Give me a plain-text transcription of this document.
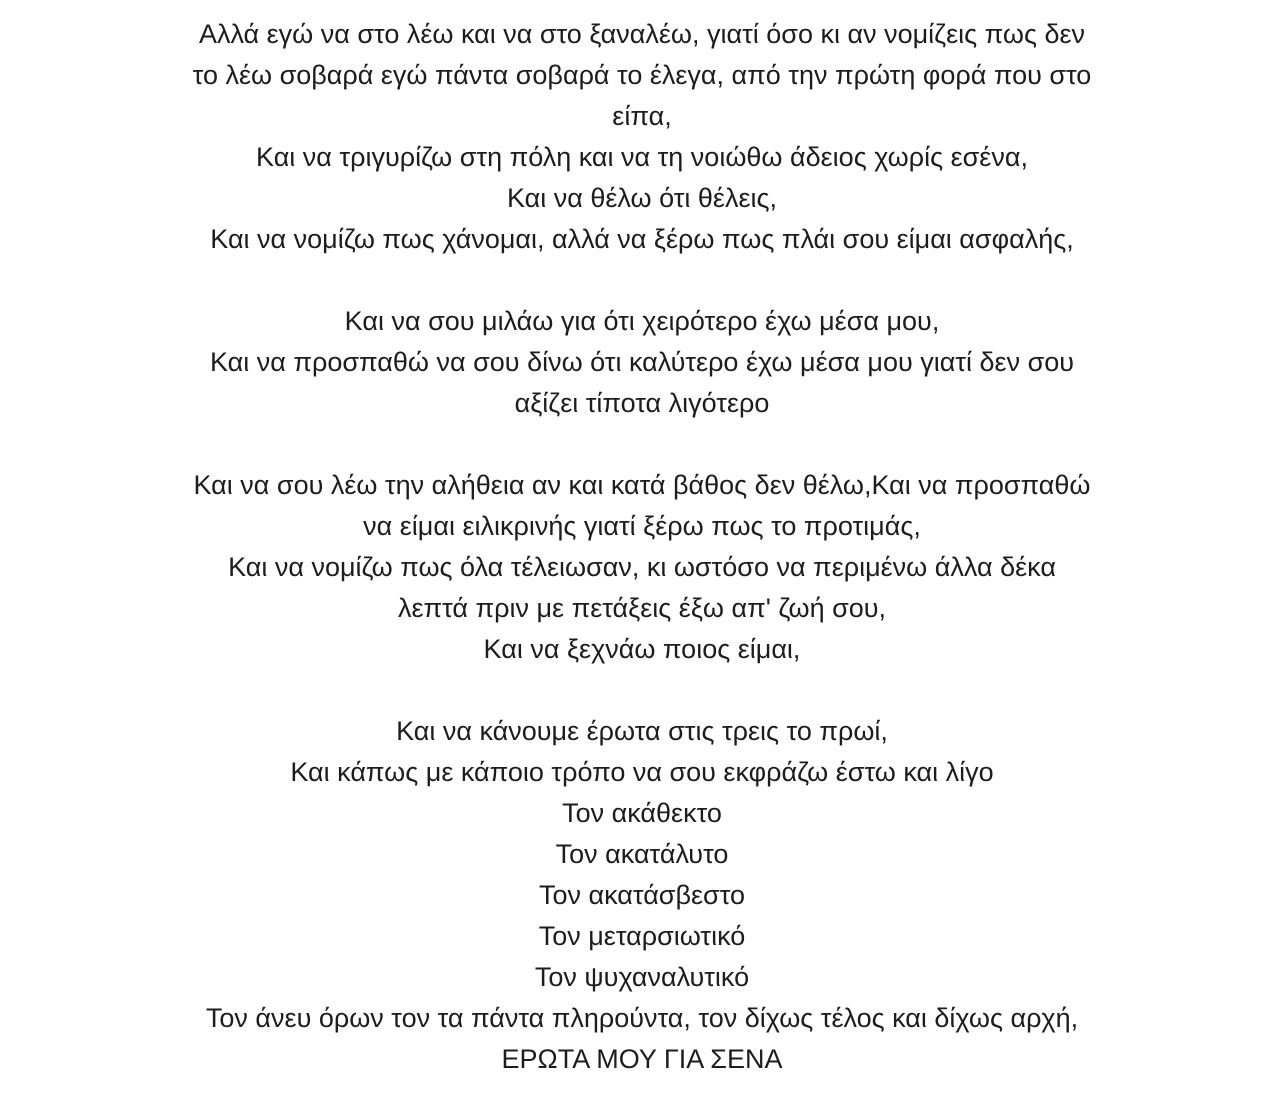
Αλλά εγώ να στο λέω και να στο ξαναλέω, γιατί όσο κι αν νομίζεις πως δεν
το λέω σοβαρά εγώ πάντα σοβαρά το έλεγα, από την πρώτη φορά που στο
είπα,
Και να τριγυρίζω στη πόλη και να τη νοιώθω άδειος χωρίς εσένα,
Και να θέλω ότι θέλεις,
Και να νομίζω πως χάνομαι, αλλά να ξέρω πως πλάι σου είμαι ασφαλής,
Και να σου μιλάω για ότι χειρότερο έχω μέσα μου,
Και να προσπαθώ να σου δίνω ότι καλύτερο έχω μέσα μου γιατί δεν σου
αξίζει τίποτα λιγότερο
Και να σου λέω την αλήθεια αν και κατά βάθος δεν θέλω,Και να προσπαθώ
να είμαι ειλικρινής γιατί ξέρω πως το προτιμάς,
Και να νομίζω πως όλα τέλειωσαν, κι ωστόσο να περιμένω άλλα δέκα
λεπτά πριν με πετάξεις έξω απ' ζωή σου,
Και να ξεχνάω ποιος είμαι,
Και να κάνουμε έρωτα στις τρεις το πρωί,
Και κάπως με κάποιο τρόπο να σου εκφράζω έστω και λίγο
Τον ακάθεκτο
Τον ακατάλυτο
Τον ακατάσβεστο
Τον μεταρσιωτικό
Τον ψυχαναλυτικό
Τον άνευ όρων τον τα πάντα πληρούντα, τον δίχως τέλος και δίχως αρχή,
ΕΡΩΤΑ ΜΟΥ ΓΙΑ ΣΕΝΑ
